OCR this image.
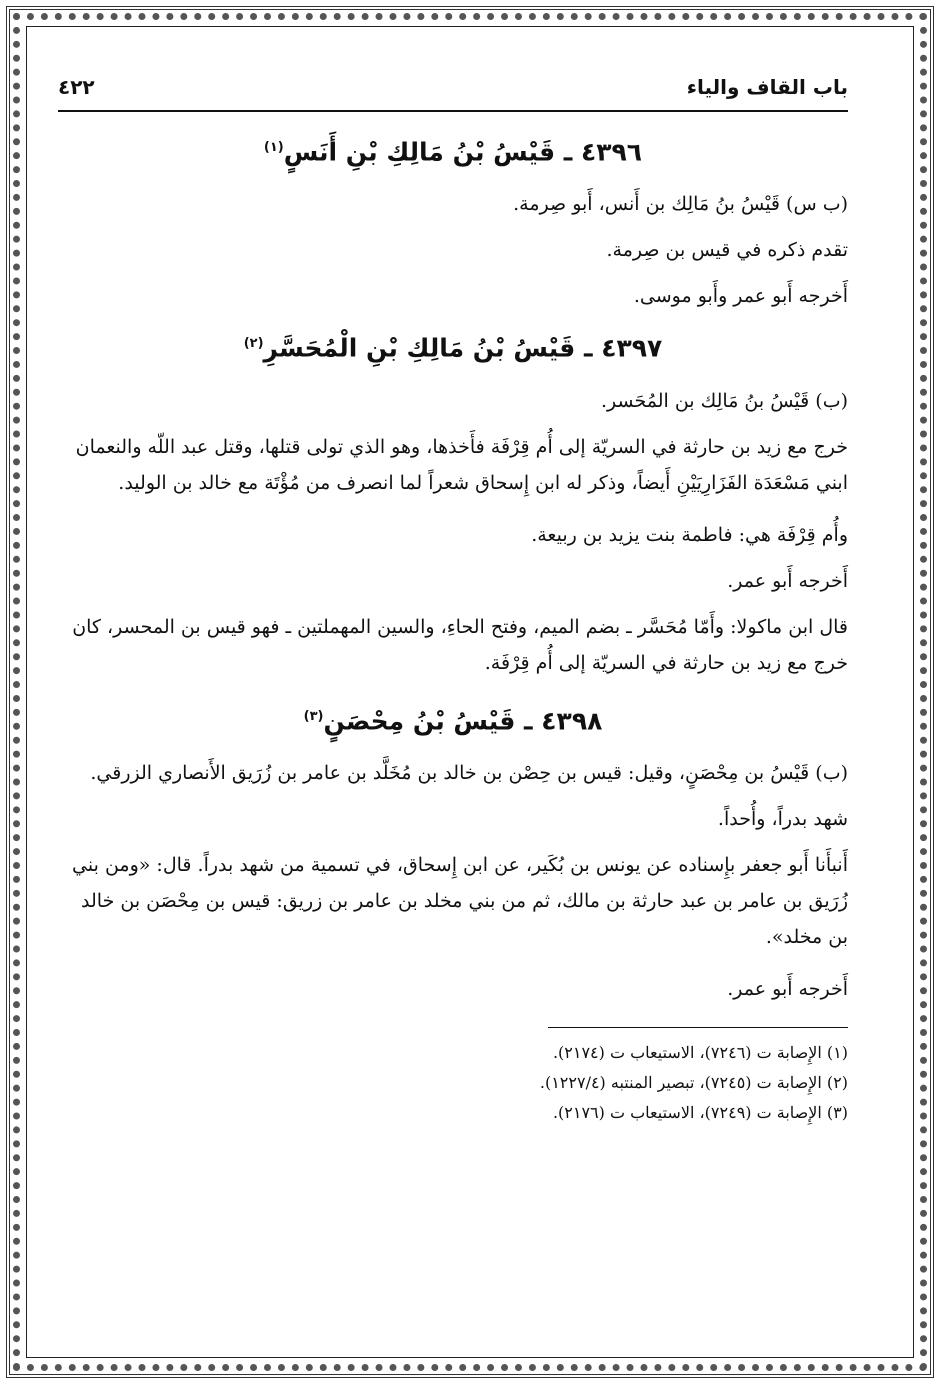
باب القاف والياء
٤٢٢
٤٣٩٦ ـ قَيْسُ بْنُ مَالِكِ بْنِ أَنَسٍ$^{(١)}$

(ب س) قَيْسُ بنُ مَالِك بن أَنس، أَبو صِرمة.

تقدم ذكره في قيس بن صِرمة.

أَخرجه أَبو عمر وأَبو موسى.

٤٣٩٧ ـ قَيْسُ بْنُ مَالِكِ بْنِ الْمُحَسَّرِ$^{(٢)}$

(ب) قَيْسُ بنُ مَالِك بن المُحَسر.

خرج مع زيد بن حارثة في السريّة إلى أُم قِرْفَة فأَخذها، وهو الذي تولى قتلها، وقتل عبد اللّه والنعمان ابني مَسْعَدَة الفَزَارِيَيْنِ أَيضاً، وذكر له ابن إِسحاق شعراً لما انصرف من مُؤْتَة مع خالد بن الوليد.

وأُم قِرْفَة هي: فاطمة بنت يزيد بن ربيعة.

أَخرجه أَبو عمر.

قال ابن ماكولا: وأَمّا مُحَسَّر ـ بضم الميم، وفتح الحاءِ، والسين المهملتين ـ فهو قيس بن المحسر، كان خرج مع زيد بن حارثة في السريّة إلى أُم قِرْفَة.

٤٣٩٨ ـ قَيْسُ بْنُ مِحْصَنٍ$^{(٣)}$

(ب) قَيْسُ بن مِحْصَنٍ، وقيل: قيس بن حِصْن بن خالد بن مُخَلَّد بن عامر بن زُرَيق الأَنصاري الزرقي.

شهد بدراً، وأُحداً.

أَنبأَنا أَبو جعفر بإِسناده عن يونس بن بُكَير، عن ابن إِسحاق، في تسمية من شهد بدراً. قال: «ومن بني زُرَيق بن عامر بن عبد حارثة بن مالك، ثم من بني مخلد بن عامر بن زريق: قيس بن مِحْصَن بن خالد بن مخلد».

أَخرجه أَبو عمر.

(١) الإِصابة ت (٧٢٤٦)، الاستيعاب ت (٢١٧٤).

(٢) الإِصابة ت (٧٢٤٥)، تبصير المنتبه (١٢٢٧/٤).

(٣) الإِصابة ت (٧٢٤٩)، الاستيعاب ت (٢١٧٦).
